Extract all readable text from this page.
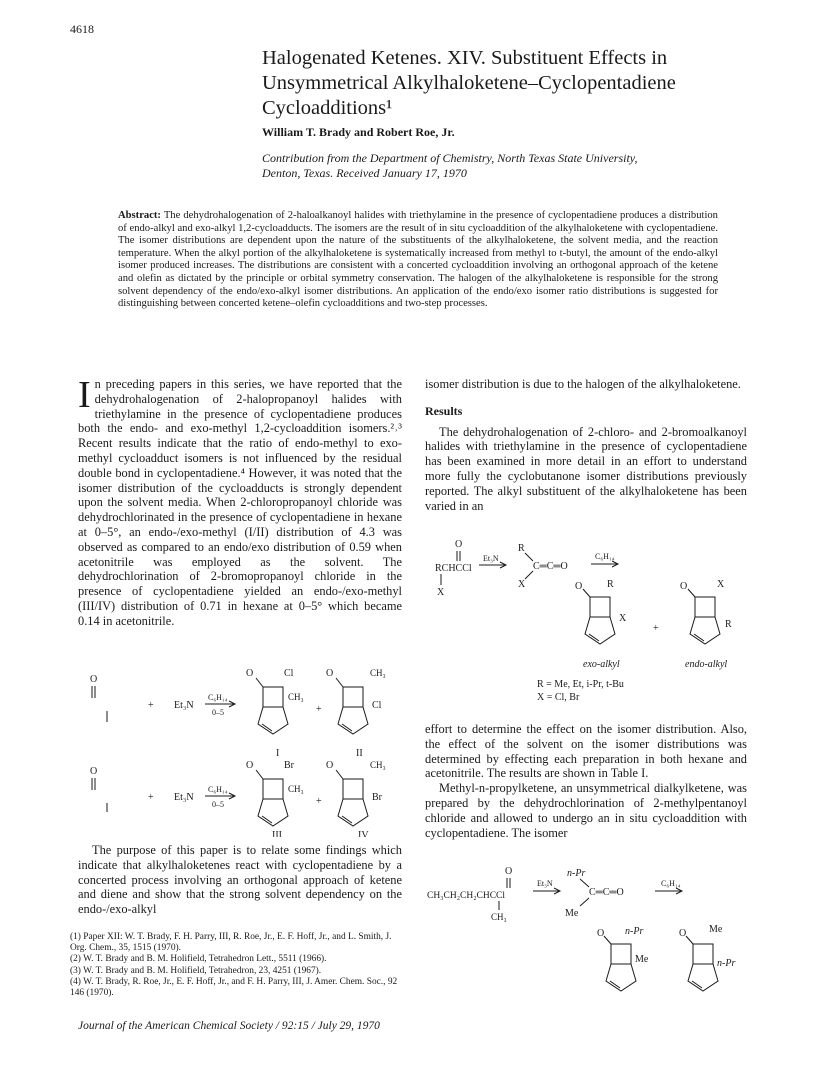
4618
Halogenated Ketenes. XIV. Substituent Effects in Unsymmetrical Alkylhaloketene–Cyclopentadiene Cycloadditions¹
William T. Brady and Robert Roe, Jr.
Contribution from the Department of Chemistry, North Texas State University,
Denton, Texas. Received January 17, 1970
Abstract: The dehydrohalogenation of 2-haloalkanoyl halides with triethylamine in the presence of cyclopentadiene produces a distribution of endo-alkyl and exo-alkyl 1,2-cycloadducts. The isomers are the result of in situ cycloaddition of the alkylhaloketene with cyclopentadiene. The isomer distributions are dependent upon the nature of the substituents of the alkylhaloketene, the solvent media, and the reaction temperature. When the alkyl portion of the alkylhaloketene is systematically increased from methyl to t-butyl, the amount of the endo-alkyl isomer produced increases. The distributions are consistent with a concerted cycloaddition involving an orthogonal approach of the ketene and olefin as dictated by the principle or orbital symmetry conservation. The halogen of the alkylhaloketene is responsible for the strong solvent dependency of the endo/exo-alkyl isomer distributions. An application of the endo/exo isomer ratio distributions is suggested for distinguishing between concerted ketene–olefin cycloadditions and two-step processes.
I n preceding papers in this series, we have reported that the dehydrohalogenation of 2-halopropanoyl halides with triethylamine in the presence of cyclopentadiene produces both the endo- and exo-methyl 1,2-cycloaddition isomers.²˒³ Recent results indicate that the ratio of endo-methyl to exo-methyl cycloadduct isomers is not influenced by the residual double bond in cyclopentadiene.⁴ However, it was noted that the isomer distribution of the cycloadducts is strongly dependent upon the solvent media. When 2-chloropropanoyl chloride was dehydrochlorinated in the presence of cyclopentadiene in hexane at 0–5°, an endo-/exo-methyl (I/II) distribution of 4.3 was observed as compared to an endo/exo distribution of 0.59 when acetonitrile was employed as the solvent. The dehydrochlorination of 2-bromopropanoyl chloride in the presence of cyclopentadiene yielded an endo-/exo-methyl (III/IV) distribution of 0.71 in hexane at 0–5° which became 0.14 in acetonitrile.

O
+ Et₃N
C₆H₁₄
0–5
O	Cl
CH₃
I
+
O	CH₃
Cl
II
O
+ Et₃N
C₆H₁₄
0–5
O	Br
CH₃
III
+
O	CH₃
Br
IV

The purpose of this paper is to relate some findings which indicate that alkylhaloketenes react with cyclopentadiene by a concerted process involving an orthogonal approach of ketene and diene and show that the strong solvent dependency on the endo-/exo-alkyl

(1) Paper XII: W. T. Brady, F. H. Parry, III, R. Roe, Jr., E. F. Hoff, Jr., and L. Smith, J. Org. Chem., 35, 1515 (1970).
(2) W. T. Brady and B. M. Holifield, Tetrahedron Lett., 5511 (1966).
(3) W. T. Brady and B. M. Holifield, Tetrahedron, 23, 4251 (1967).
(4) W. T. Brady, R. Roe, Jr., E. F. Hoff, Jr., and F. H. Parry, III, J. Amer. Chem. Soc., 92 146 (1970).

isomer distribution is due to the halogen of the alkylhaloketene.

Results

The dehydrohalogenation of 2-chloro- and 2-bromoalkanoyl halides with triethylamine in the presence of cyclopentadiene has been examined in more detail in an effort to understand more fully the cyclobutanone isomer distributions previously reported. The alkyl substituent of the alkylhaloketene has been varied in an

O
RCHCCl
X
Et₃N
R
C═C═O
X
C₆H₁₄
O R
X
exo-alkyl
+
O	X
R
endo-alkyl
R = Me, Et, i-Pr, t-Bu
X = Cl, Br

effort to determine the effect on the isomer distribution. Also, the effect of the solvent on the isomer distributions was determined by effecting each preparation in both hexane and acetonitrile. The results are shown in Table I.

Methyl-n-propylketene, an unsymmetrical dialkylketene, was prepared by the dehydrochlorination of 2-methylpentanoyl chloride and allowed to undergo an in situ cycloaddition with cyclopentadiene. The isomer

O
CH₃CH₂CH₂CHCCl
CH₃
Et₃N
n-Pr
C═C═O
Me
C₆H₁₄
O n-Pr
Me
O Me
n-Pr
Journal of the American Chemical Society / 92:15 / July 29, 1970
